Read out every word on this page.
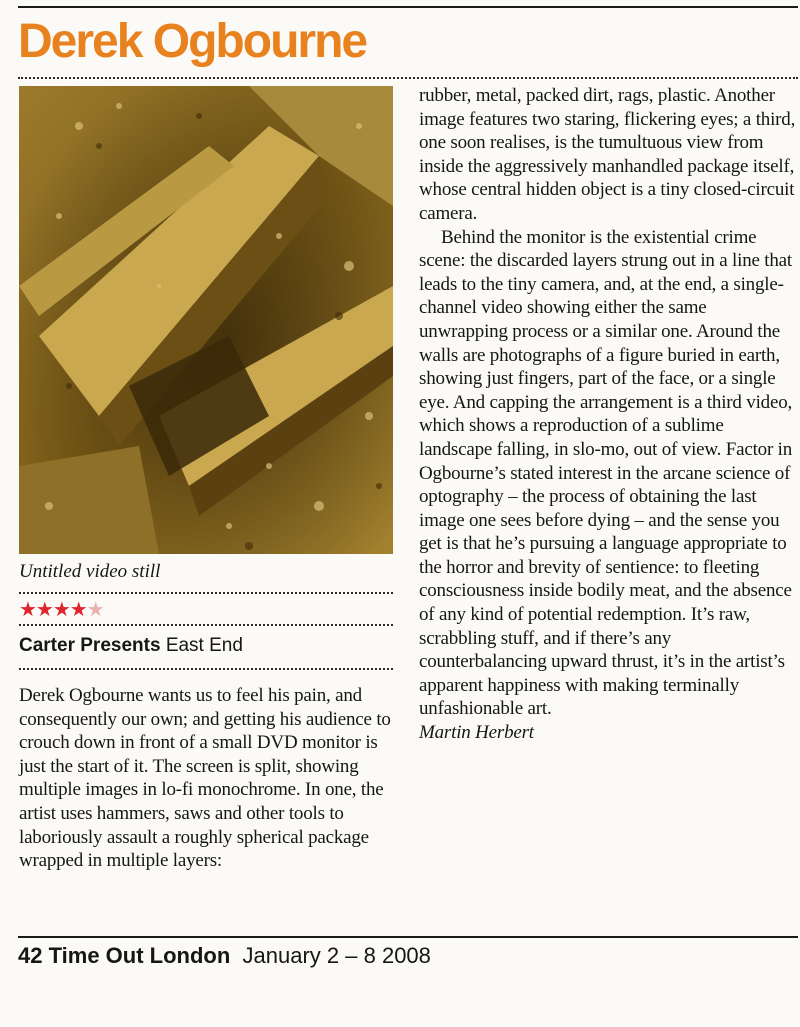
Derek Ogbourne
Untitled video still
★★★★★
Carter Presents East End

Derek Ogbourne wants us to feel his pain, and consequently our own; and getting his audience to crouch down in front of a small DVD monitor is just the start of it. The screen is split, showing multiple images in lo-fi monochrome. In one, the artist uses hammers, saws and other tools to laboriously assault a roughly spherical package wrapped in multiple layers:

rubber, metal, packed dirt, rags, plastic. Another image features two staring, flickering eyes; a third, one soon realises, is the tumultuous view from inside the aggressively manhandled package itself, whose central hidden object is a tiny closed-circuit camera.

Behind the monitor is the existential crime scene: the discarded layers strung out in a line that leads to the tiny camera, and, at the end, a single-channel video showing either the same unwrapping process or a similar one. Around the walls are photographs of a figure buried in earth, showing just fingers, part of the face, or a single eye. And capping the arrangement is a third video, which shows a reproduction of a sublime landscape falling, in slo-mo, out of view. Factor in Ogbourne’s stated interest in the arcane science of optography – the process of obtaining the last image one sees before dying – and the sense you get is that he’s pursuing a language appropriate to the horror and brevity of sentience: to fleeting consciousness inside bodily meat, and the absence of any kind of potential redemption. It’s raw, scrabbling stuff, and if there’s any counterbalancing upward thrust, it’s in the artist’s apparent happiness with making terminally unfashionable art.

Martin Herbert

42 Time Out London January 2 – 8 2008
